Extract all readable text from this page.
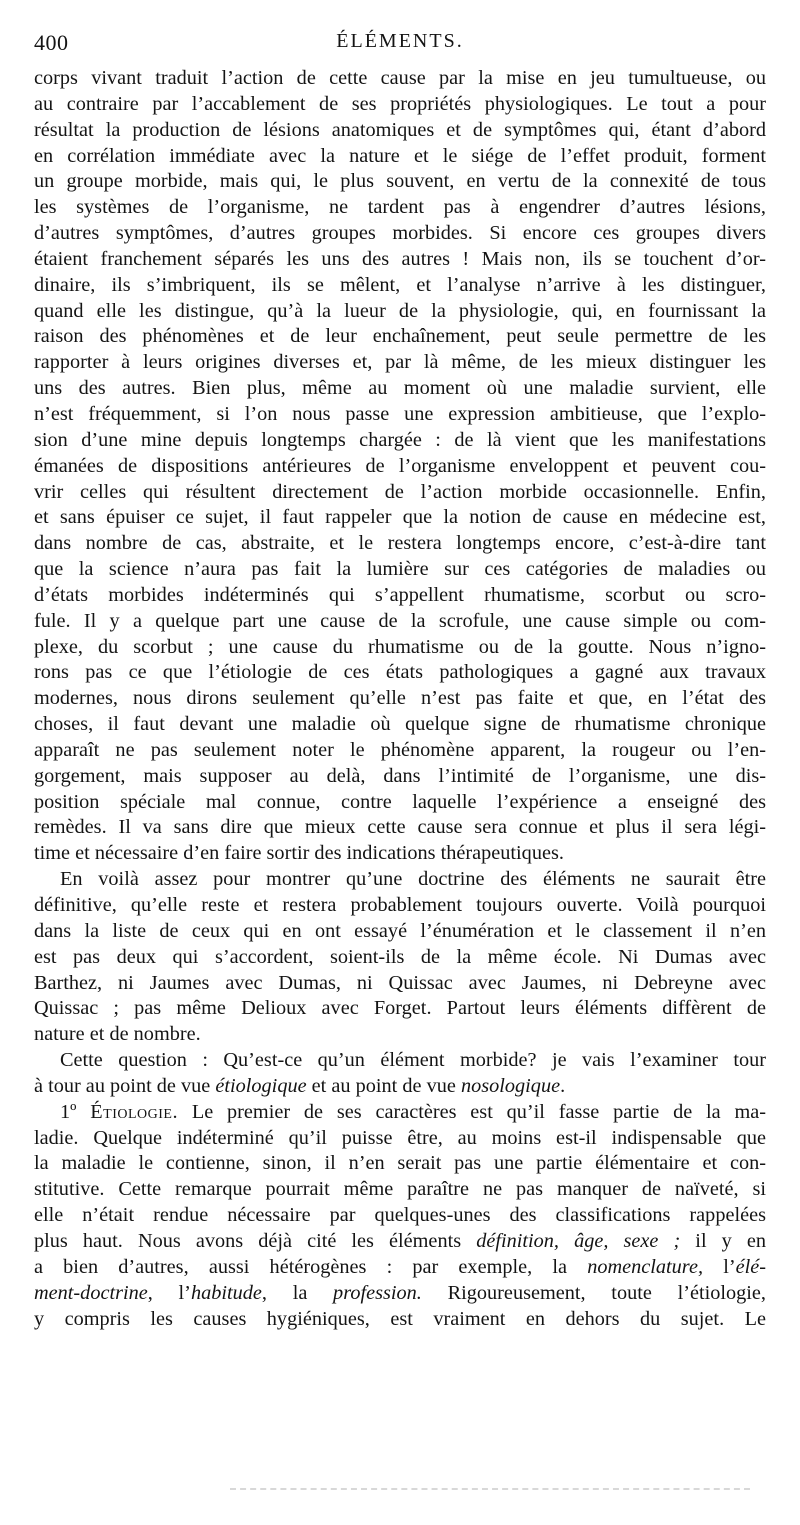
400	ÉLÉMENTS.
corps vivant traduit l’action de cette cause par la mise en jeu tumultueuse, ou
au contraire par l’accablement de ses propriétés physiologiques. Le tout a pour
résultat la production de lésions anatomiques et de symptômes qui, étant d’abord
en corrélation immédiate avec la nature et le siége de l’effet produit, forment
un groupe morbide, mais qui, le plus souvent, en vertu de la connexité de tous
les systèmes de l’organisme, ne tardent pas à engendrer d’autres lésions,
d’autres symptômes, d’autres groupes morbides. Si encore ces groupes divers
étaient franchement séparés les uns des autres ! Mais non, ils se touchent d’or-
dinaire, ils s’imbriquent, ils se mêlent, et l’analyse n’arrive à les distinguer,
quand elle les distingue, qu’à la lueur de la physiologie, qui, en fournissant la
raison des phénomènes et de leur enchaînement, peut seule permettre de les
rapporter à leurs origines diverses et, par là même, de les mieux distinguer les
uns des autres. Bien plus, même au moment où une maladie survient, elle
n’est fréquemment, si l’on nous passe une expression ambitieuse, que l’explo-
sion d’une mine depuis longtemps chargée : de là vient que les manifestations
émanées de dispositions antérieures de l’organisme enveloppent et peuvent cou-
vrir celles qui résultent directement de l’action morbide occasionnelle. Enfin,
et sans épuiser ce sujet, il faut rappeler que la notion de cause en médecine est,
dans nombre de cas, abstraite, et le restera longtemps encore, c’est-à-dire tant
que la science n’aura pas fait la lumière sur ces catégories de maladies ou
d’états morbides indéterminés qui s’appellent rhumatisme, scorbut ou scro-
fule. Il y a quelque part une cause de la scrofule, une cause simple ou com-
plexe, du scorbut ; une cause du rhumatisme ou de la goutte. Nous n’igno-
rons pas ce que l’étiologie de ces états pathologiques a gagné aux travaux
modernes, nous dirons seulement qu’elle n’est pas faite et que, en l’état des
choses, il faut devant une maladie où quelque signe de rhumatisme chronique
apparaît ne pas seulement noter le phénomène apparent, la rougeur ou l’en-
gorgement, mais supposer au delà, dans l’intimité de l’organisme, une dis-
position spéciale mal connue, contre laquelle l’expérience a enseigné des
remèdes. Il va sans dire que mieux cette cause sera connue et plus il sera légi-
time et nécessaire d’en faire sortir des indications thérapeutiques.
En voilà assez pour montrer qu’une doctrine des éléments ne saurait être
définitive, qu’elle reste et restera probablement toujours ouverte. Voilà pourquoi
dans la liste de ceux qui en ont essayé l’énumération et le classement il n’en
est pas deux qui s’accordent, soient-ils de la même école. Ni Dumas avec
Barthez, ni Jaumes avec Dumas, ni Quissac avec Jaumes, ni Debreyne avec
Quissac ; pas même Delioux avec Forget. Partout leurs éléments diffèrent de
nature et de nombre.
Cette question : Qu’est-ce qu’un élément morbide? je vais l’examiner tour
à tour au point de vue étiologique et au point de vue nosologique.
1º Étiologie. Le premier de ses caractères est qu’il fasse partie de la ma-
ladie. Quelque indéterminé qu’il puisse être, au moins est-il indispensable que
la maladie le contienne, sinon, il n’en serait pas une partie élémentaire et con-
stitutive. Cette remarque pourrait même paraître ne pas manquer de naïveté, si
elle n’était rendue nécessaire par quelques-unes des classifications rappelées
plus haut. Nous avons déjà cité les éléments définition, âge, sexe ; il y en
a bien d’autres, aussi hétérogènes : par exemple, la nomenclature, l’élé-
ment-doctrine, l’habitude, la profession. Rigoureusement, toute l’étiologie,
y compris les causes hygiéniques, est vraiment en dehors du sujet. Le
